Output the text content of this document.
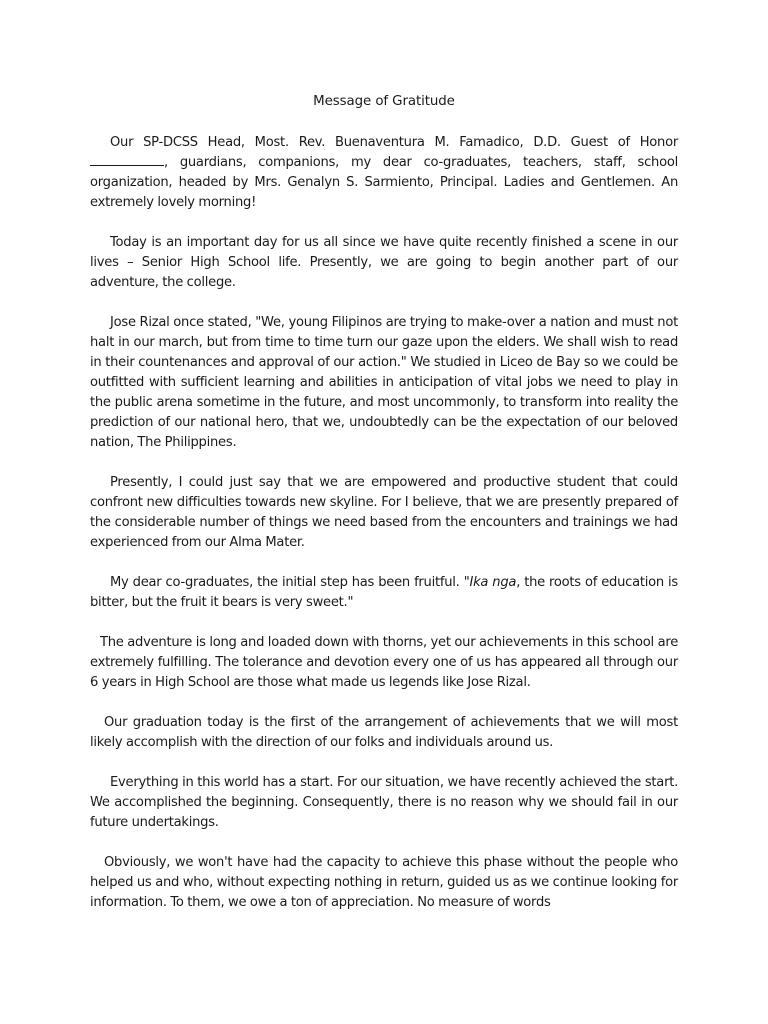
Message of Gratitude

Our SP-DCSS Head, Most. Rev. Buenaventura M. Famadico, D.D. Guest of Honor , guardians, companions, my dear co-graduates, teachers, staff, school organization, headed by Mrs. Genalyn S. Sarmiento, Principal. Ladies and Gentlemen. An extremely lovely morning!

Today is an important day for us all since we have quite recently finished a scene in our lives – Senior High School life. Presently, we are going to begin another part of our adventure, the college.

Jose Rizal once stated, "We, young Filipinos are trying to make-over a nation and must not halt in our march, but from time to time turn our gaze upon the elders. We shall wish to read in their countenances and approval of our action." We studied in Liceo de Bay so we could be outfitted with sufficient learning and abilities in anticipation of vital jobs we need to play in the public arena sometime in the future, and most uncommonly, to transform into reality the prediction of our national hero, that we, undoubtedly can be the expectation of our beloved nation, The Philippines.

Presently, I could just say that we are empowered and productive student that could confront new difficulties towards new skyline. For I believe, that we are presently prepared of the considerable number of things we need based from the encounters and trainings we had experienced from our Alma Mater.

My dear co-graduates, the initial step has been fruitful. "Ika nga, the roots of education is bitter, but the fruit it bears is very sweet."

The adventure is long and loaded down with thorns, yet our achievements in this school are extremely fulfilling. The tolerance and devotion every one of us has appeared all through our 6 years in High School are those what made us legends like Jose Rizal.

Our graduation today is the first of the arrangement of achievements that we will most likely accomplish with the direction of our folks and individuals around us.

Everything in this world has a start. For our situation, we have recently achieved the start. We accomplished the beginning. Consequently, there is no reason why we should fail in our future undertakings.

Obviously, we won't have had the capacity to achieve this phase without the people who helped us and who, without expecting nothing in return, guided us as we continue looking for information. To them, we owe a ton of appreciation. No measure of words
